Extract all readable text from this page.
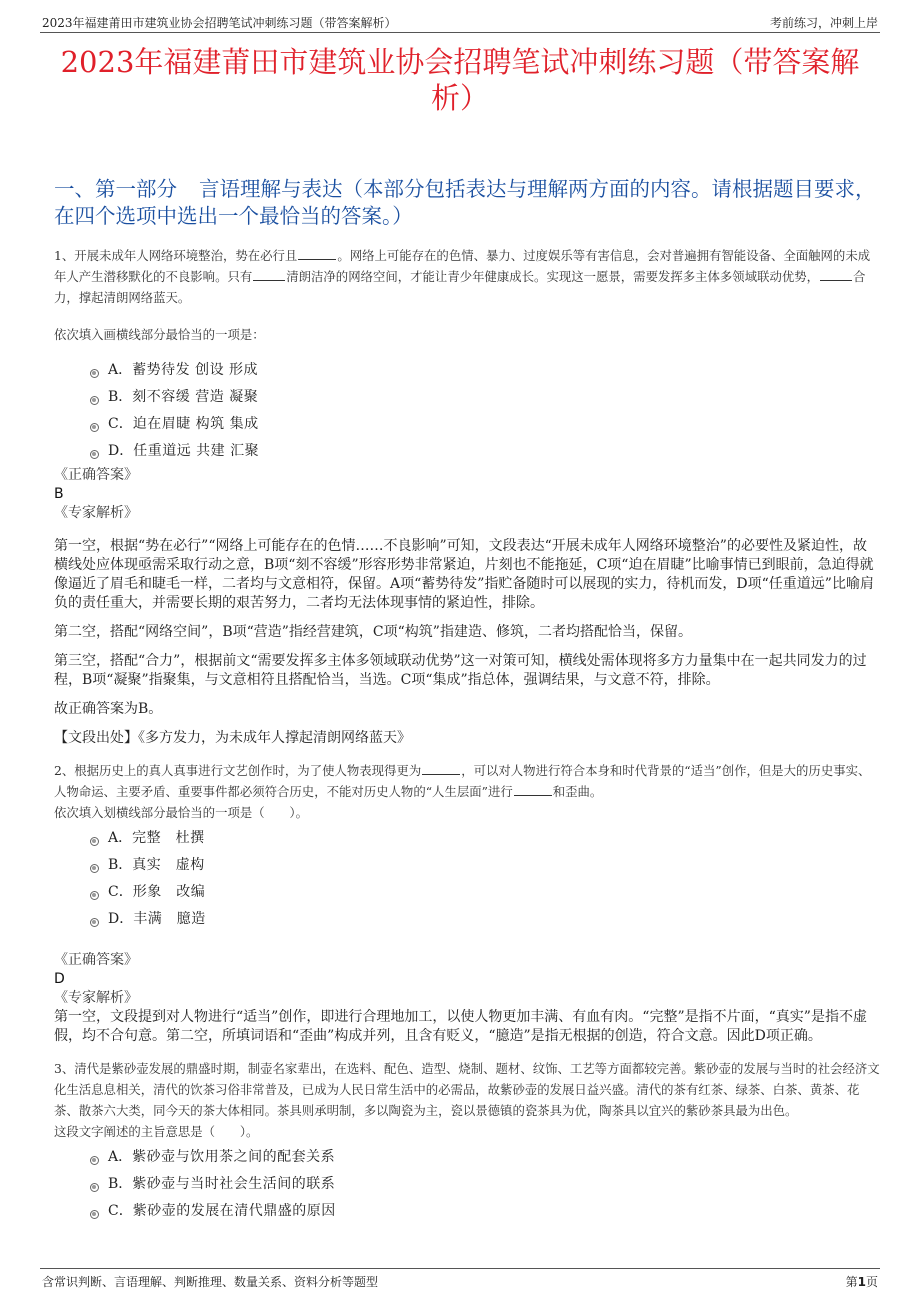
2023年福建莆田市建筑业协会招聘笔试冲刺练习题（带答案解析）	考前练习，冲刺上岸
2023年福建莆田市建筑业协会招聘笔试冲刺练习题（带答案解析）
一、第一部分 言语理解与表达（本部分包括表达与理解两方面的内容。请根据题目要求，在四个选项中选出一个最恰当的答案。）
1、开展未成年人网络环境整治，势在必行且	。网络上可能存在的色情、暴力、过度娱乐等有害信息，会对普遍拥有智能设备、全面触网的未成年人产生潜移默化的不良影响。只有	清朗洁净的网络空间，才能让青少年健康成长。实现这一愿景，需要发挥多主体多领域联动优势，	合力，撑起清朗网络蓝天。
依次填入画横线部分最恰当的一项是：
A． 蓄势待发 创设 形成
B． 刻不容缓 营造 凝聚
C． 迫在眉睫 构筑 集成
D． 任重道远 共建 汇聚
《正确答案》
B
《专家解析》
第一空，根据“势在必行”“网络上可能存在的色情……不良影响”可知，文段表达“开展未成年人网络环境整治”的必要性及紧迫性，故横线处应体现亟需采取行动之意，B项“刻不容缓”形容形势非常紧迫，片刻也不能拖延，C项“迫在眉睫”比喻事情已到眼前，急迫得就像逼近了眉毛和睫毛一样，二者均与文意相符，保留。A项“蓄势待发”指贮备随时可以展现的实力，待机而发，D项“任重道远”比喻肩负的责任重大，并需要长期的艰苦努力，二者均无法体现事情的紧迫性，排除。
第二空，搭配“网络空间”，B项“营造”指经营建筑，C项“构筑”指建造、修筑，二者均搭配恰当，保留。
第三空，搭配“合力”，根据前文“需要发挥多主体多领域联动优势”这一对策可知，横线处需体现将多方力量集中在一起共同发力的过程，B项“凝聚”指聚集，与文意相符且搭配恰当，当选。C项“集成”指总体，强调结果，与文意不符，排除。
故正确答案为B。
【文段出处】《多方发力，为未成年人撑起清朗网络蓝天》
2、根据历史上的真人真事进行文艺创作时，为了使人物表现得更为	，可以对人物进行符合本身和时代背景的“适当”创作，但是大的历史事实、人物命运、主要矛盾、重要事件都必须符合历史，不能对历史人物的“人生层面”进行	和歪曲。
依次填入划横线部分最恰当的一项是（　　）。
A． 完整　杜撰
B． 真实　虚构
C． 形象　改编
D． 丰满　臆造
《正确答案》
D
《专家解析》
第一空，文段提到对人物进行“适当”创作，即进行合理地加工，以使人物更加丰满、有血有肉。“完整”是指不片面，“真实”是指不虚假，均不合句意。第二空，所填词语和“歪曲”构成并列，且含有贬义，“臆造”是指无根据的创造，符合文意。因此D项正确。
3、清代是紫砂壶发展的鼎盛时期，制壶名家辈出，在选料、配色、造型、烧制、题材、纹饰、工艺等方面都较完善。紫砂壶的发展与当时的社会经济文化生活息息相关，清代的饮茶习俗非常普及，已成为人民日常生活中的必需品，故紫砂壶的发展日益兴盛。清代的茶有红茶、绿茶、白茶、黄茶、花茶、散茶六大类，同今天的茶大体相同。茶具则承明制，多以陶瓷为主，瓷以景德镇的瓷茶具为优，陶茶具以宜兴的紫砂茶具最为出色。
这段文字阐述的主旨意思是（　　）。
A． 紫砂壶与饮用茶之间的配套关系
B． 紫砂壶与当时社会生活间的联系
C． 紫砂壶的发展在清代鼎盛的原因
含常识判断、言语理解、判断推理、数量关系、资料分析等题型	第1页
